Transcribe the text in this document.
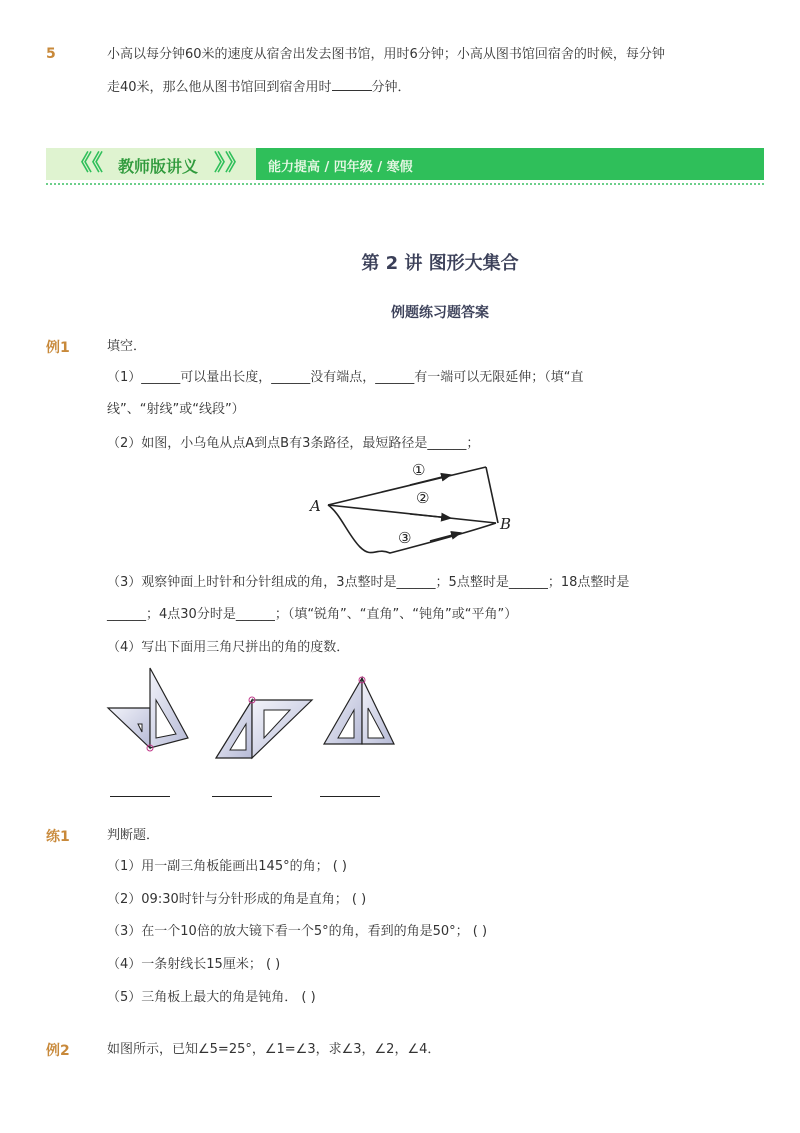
5	小高以每分钟60米的速度从宿舍出发去图书馆，用时6分钟；小高从图书馆回宿舍的时候，每分钟
走40米，那么他从图书馆回到宿舍用时	分钟．
《《 教师版讲义 》》 能力提高 / 四年级 / 寒假
第 2 讲 图形大集合
例题练习题答案
例1	填空．
（1）______可以量出长度，______没有端点，______有一端可以无限延伸；（填“直
线”、“射线”或“线段”）
（2）如图，小乌龟从点A到点B有3条路径，最短路径是______；
A
B
①
②
③
（3）观察钟面上时针和分针组成的角，3点整时是______；5点整时是______；18点整时是
______；4点30分时是______；（填“锐角”、“直角”、“钝角”或“平角”）
（4）写出下面用三角尺拼出的角的度数．
练1	判断题．
（1）用一副三角板能画出145°的角； ( )
（2）09:30时针与分针形成的角是直角； ( )
（3）在一个10倍的放大镜下看一个5°的角，看到的角是50°； ( )
（4）一条射线长15厘米； ( )
（5）三角板上最大的角是钝角． ( )
例2	如图所示，已知∠5=25°，∠1=∠3，求∠3，∠2，∠4．
